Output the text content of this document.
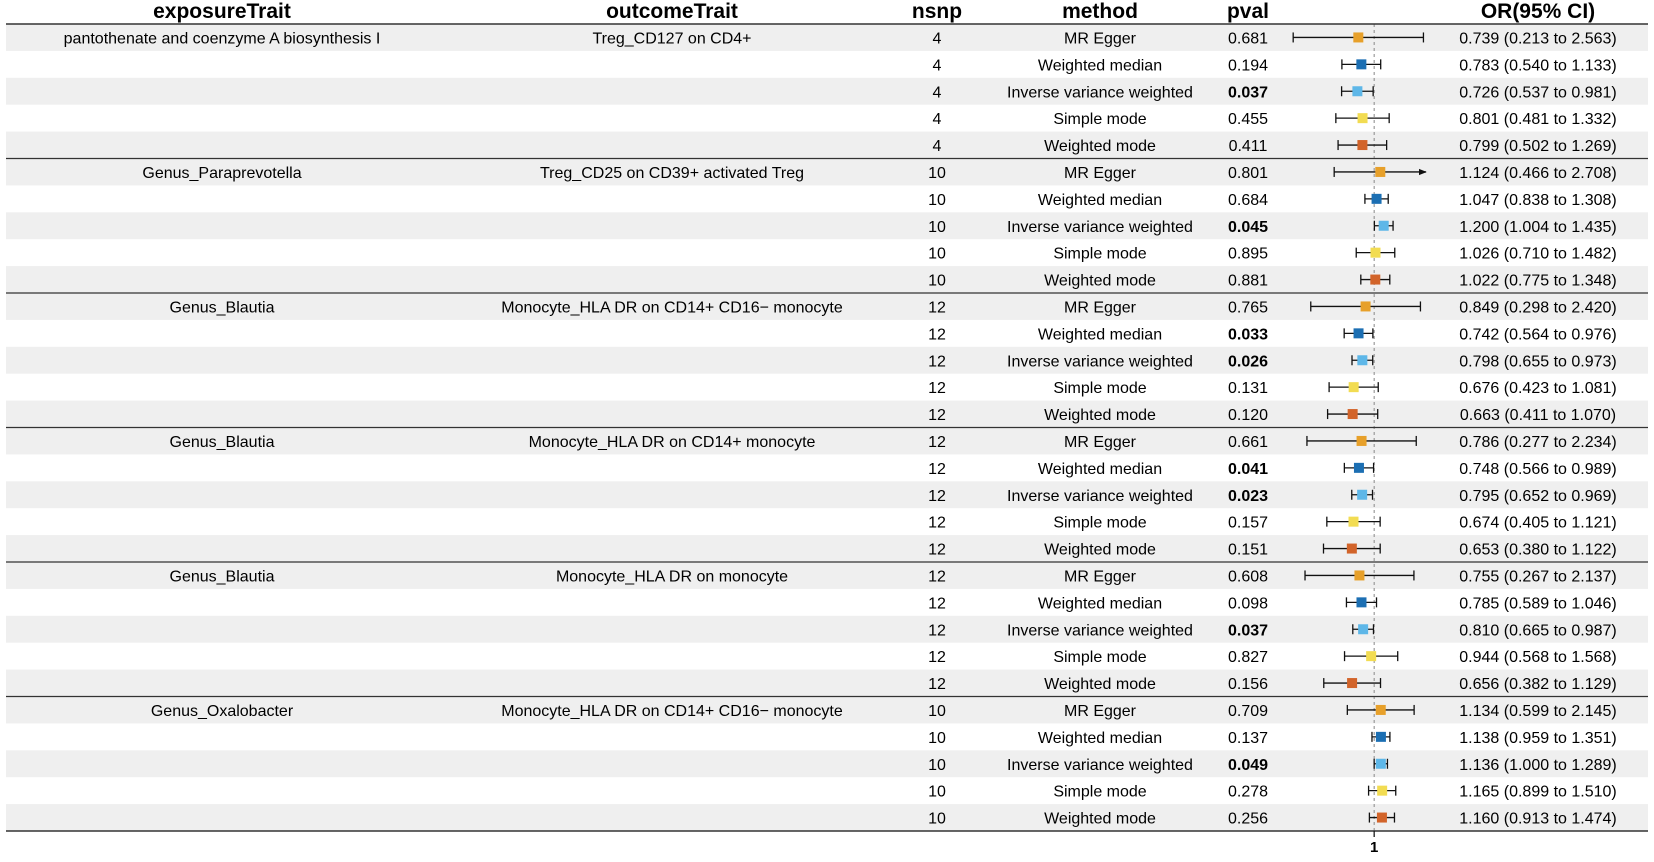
exposureTrait	outcomeTrait	nsnp	method	pval	OR(95% CI)
pantothenate and coenzyme A biosynthesis I	Treg_CD127 on CD4+	4	MR Egger	0.681	0.739 (0.213 to 2.563)
4	Weighted median	0.194	0.783 (0.540 to 1.133)
4	Inverse variance weighted 0.037	0.726 (0.537 to 0.981)
4	Simple mode	0.455	0.801 (0.481 to 1.332)
4	Weighted mode	0.411	0.799 (0.502 to 1.269)
Genus_Paraprevotella	Treg_CD25 on CD39+ activated Treg	10	MR Egger	0.801	1.124 (0.466 to 2.708)
10	Weighted median	0.684	1.047 (0.838 to 1.308)
10	Inverse variance weighted 0.045	1.200 (1.004 to 1.435)
10	Simple mode	0.895	1.026 (0.710 to 1.482)
10	Weighted mode	0.881	1.022 (0.775 to 1.348)
Genus_Blautia	Monocyte_HLA DR on CD14+ CD16− monocyte	12	MR Egger	0.765	0.849 (0.298 to 2.420)
12	Weighted median	0.033	0.742 (0.564 to 0.976)
12	Inverse variance weighted 0.026	0.798 (0.655 to 0.973)
12	Simple mode	0.131	0.676 (0.423 to 1.081)
12	Weighted mode	0.120	0.663 (0.411 to 1.070)
Genus_Blautia	Monocyte_HLA DR on CD14+ monocyte	12	MR Egger	0.661	0.786 (0.277 to 2.234)
12	Weighted median	0.041	0.748 (0.566 to 0.989)
12	Inverse variance weighted 0.023	0.795 (0.652 to 0.969)
12	Simple mode	0.157	0.674 (0.405 to 1.121)
12	Weighted mode	0.151	0.653 (0.380 to 1.122)
Genus_Blautia	Monocyte_HLA DR on monocyte	12	MR Egger	0.608	0.755 (0.267 to 2.137)
12	Weighted median	0.098	0.785 (0.589 to 1.046)
12	Inverse variance weighted 0.037	0.810 (0.665 to 0.987)
12	Simple mode	0.827	0.944 (0.568 to 1.568)
12	Weighted mode	0.156	0.656 (0.382 to 1.129)
Genus_Oxalobacter	Monocyte_HLA DR on CD14+ CD16− monocyte	10	MR Egger	0.709	1.134 (0.599 to 2.145)
10	Weighted median	0.137	1.138 (0.959 to 1.351)
10	Inverse variance weighted 0.049	1.136 (1.000 to 1.289)
10	Simple mode	0.278	1.165 (0.899 to 1.510)
10	Weighted mode	0.256	1.160 (0.913 to 1.474)
1
